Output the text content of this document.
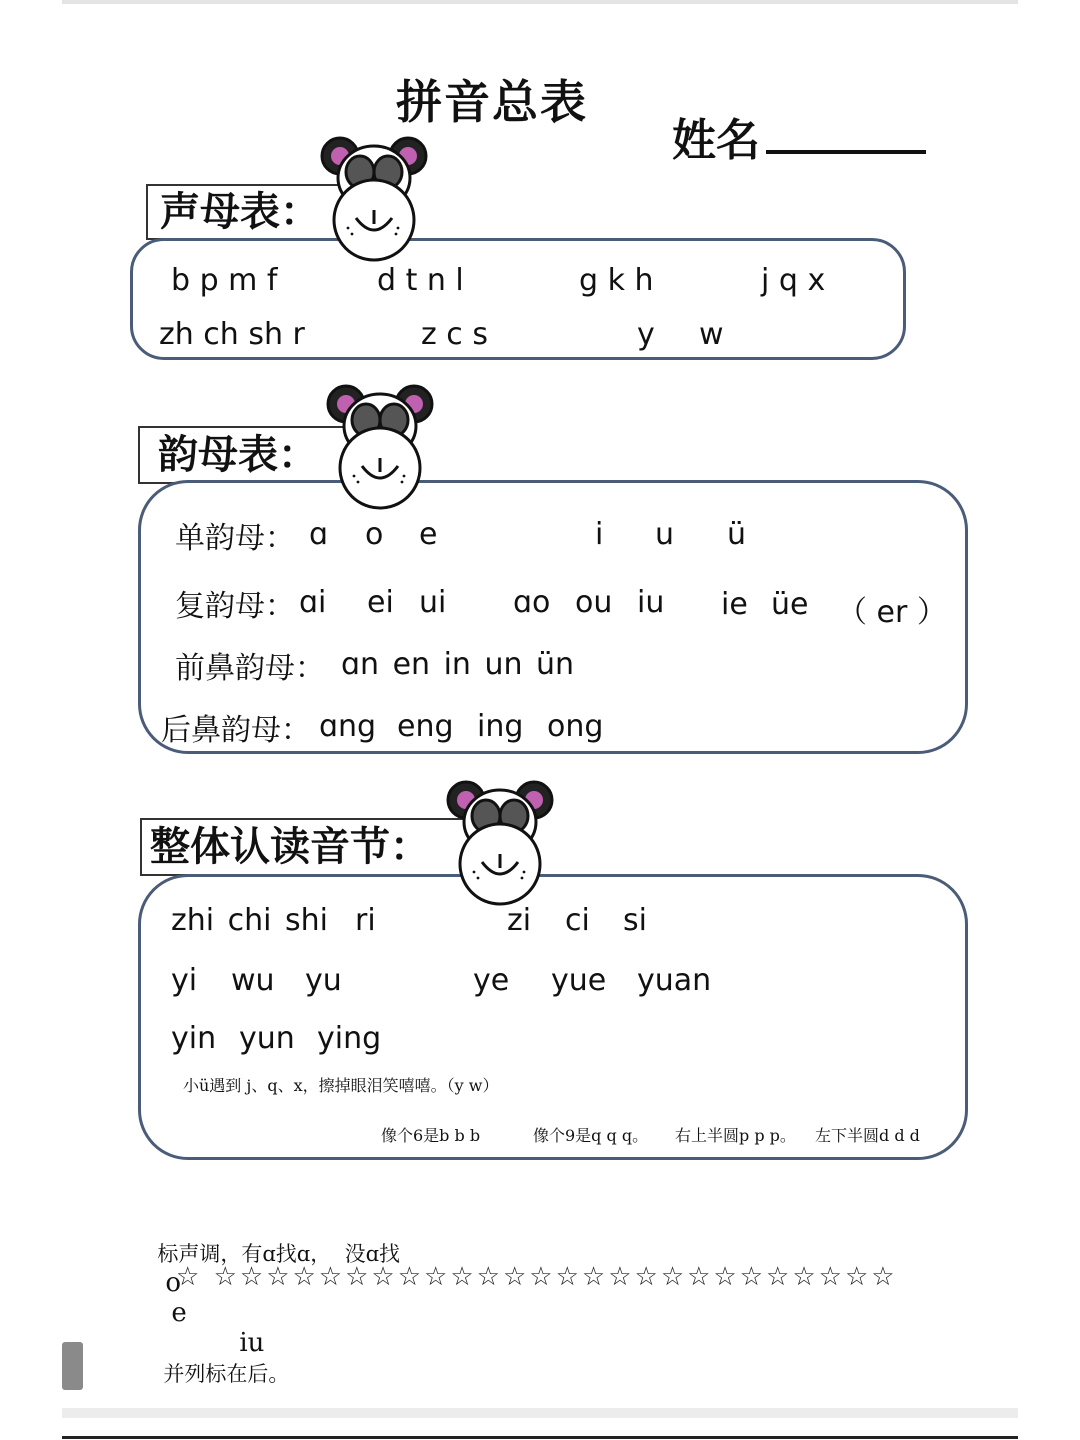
拼音总表
姓名
声母表：
b p m f	d t n l	g k h	j q x
zh ch sh r	z c s	y w
韵母表：
单韵母： ɑ o e	i u ü
复韵母： ɑi ei ui ɑo ou iu ie üe （ er ）
前鼻韵母： ɑn en in un ün
后鼻韵母： ɑng eng ing ong
整体认读音节：
zhi chi shi ri	zi ci si
yi wu yu	ye yue yuan
yin yun ying
小ü遇到 j、q、x，擦掉眼泪笑嘻嘻。（y w）
像个6是b b b	像个9是q q q。 右上半圆p p p。 左下半圆d d d

标声调，有ɑ找ɑ，  没ɑ找
o
e
iu
并列标在后。

☆ ☆☆☆☆☆☆☆☆☆☆☆☆☆☆☆☆☆☆☆☆☆☆☆☆☆☆
